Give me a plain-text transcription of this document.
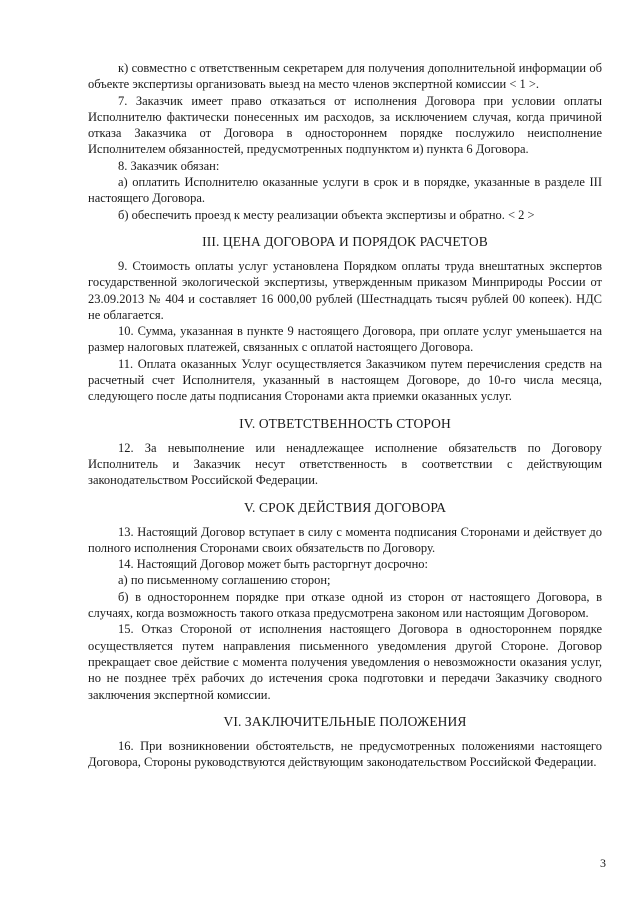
к) совместно с ответственным секретарем для получения дополнительной информации об объекте экспертизы организовать выезд на место членов экспертной комиссии < 1 >.

7. Заказчик имеет право отказаться от исполнения Договора при условии оплаты Исполнителю фактически понесенных им расходов, за исключением случая, когда причиной отказа Заказчика от Договора в одностороннем порядке послужило неисполнение Исполнителем обязанностей, предусмотренных подпунктом и) пункта 6 Договора.

8. Заказчик обязан:

а) оплатить Исполнителю оказанные услуги в срок и в порядке, указанные в разделе III настоящего Договора.

б) обеспечить проезд к месту реализации объекта экспертизы и обратно. < 2 >

III. ЦЕНА ДОГОВОРА И ПОРЯДОК РАСЧЕТОВ

9. Стоимость оплаты услуг установлена Порядком оплаты труда внештатных экспертов государственной экологической экспертизы, утвержденным приказом Минприроды России от 23.09.2013 № 404 и составляет 16 000,00 рублей (Шестнадцать тысяч рублей 00 копеек). НДС не облагается.

10. Сумма, указанная в пункте 9 настоящего Договора, при оплате услуг уменьшается на размер налоговых платежей, связанных с оплатой настоящего Договора.

11. Оплата оказанных Услуг осуществляется Заказчиком путем перечисления средств на расчетный счет Исполнителя, указанный в настоящем Договоре, до 10-го числа месяца, следующего после даты подписания Сторонами акта приемки оказанных услуг.

IV. ОТВЕТСТВЕННОСТЬ СТОРОН

12. За невыполнение или ненадлежащее исполнение обязательств по Договору Исполнитель и Заказчик несут ответственность в соответствии с действующим законодательством Российской Федерации.

V. СРОК ДЕЙСТВИЯ ДОГОВОРА

13. Настоящий Договор вступает в силу с момента подписания Сторонами и действует до полного исполнения Сторонами своих обязательств по Договору.

14. Настоящий Договор может быть расторгнут досрочно:

а) по письменному соглашению сторон;

б) в одностороннем порядке при отказе одной из сторон от настоящего Договора, в случаях, когда возможность такого отказа предусмотрена законом или настоящим Договором.

15. Отказ Стороной от исполнения настоящего Договора в одностороннем порядке осуществляется путем направления письменного уведомления другой Стороне. Договор прекращает свое действие с момента получения уведомления о невозможности оказания услуг, но не позднее трёх рабочих до истечения срока подготовки и передачи Заказчику сводного заключения экспертной комиссии.

VI. ЗАКЛЮЧИТЕЛЬНЫЕ ПОЛОЖЕНИЯ

16. При возникновении обстоятельств, не предусмотренных положениями настоящего Договора, Стороны руководствуются действующим законодательством Российской Федерации.

3
